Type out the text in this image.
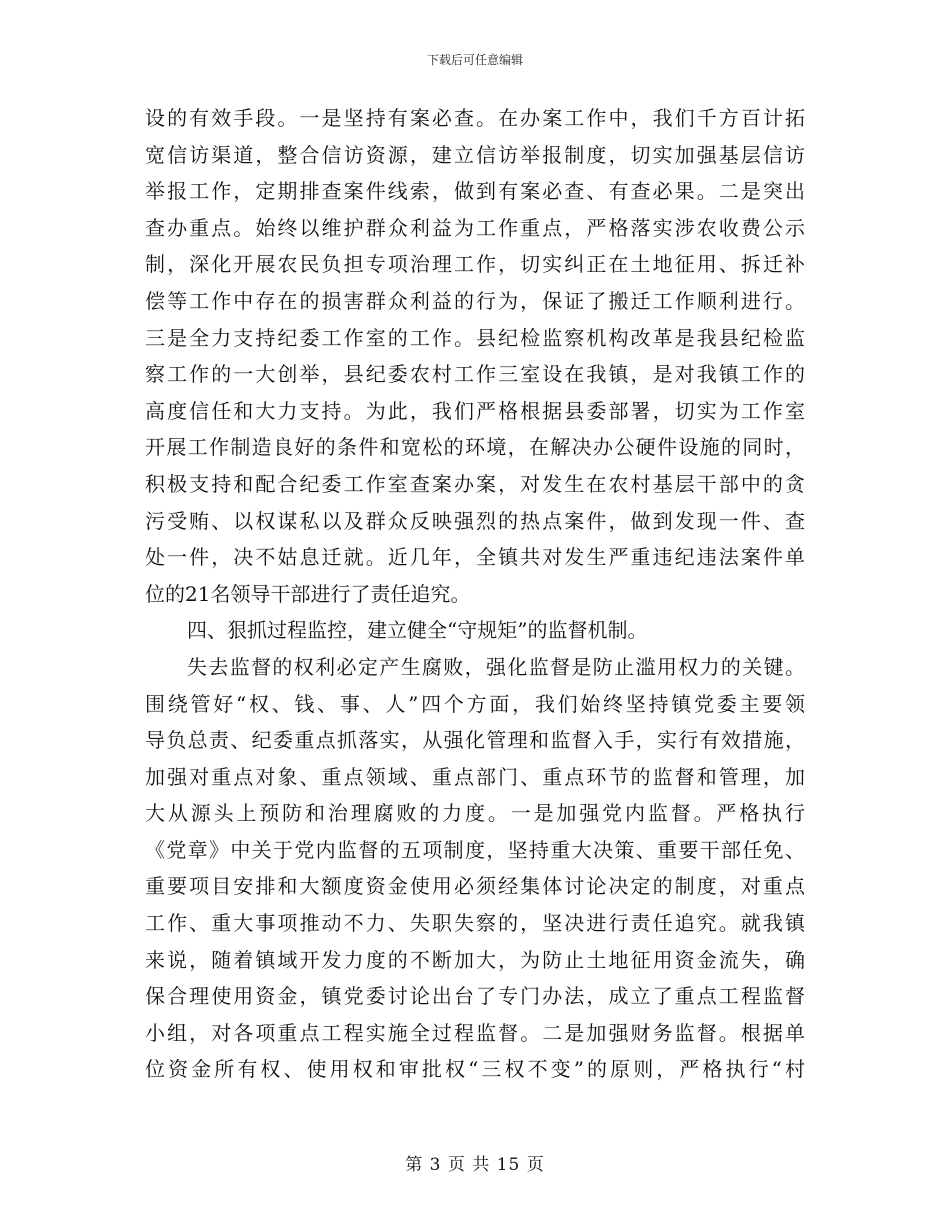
下载后可任意编辑
设的有效手段。一是坚持有案必查。在办案工作中，我们千方百计拓
宽信访渠道，整合信访资源，建立信访举报制度，切实加强基层信访
举报工作，定期排查案件线索，做到有案必查、有查必果。二是突出
查办重点。始终以维护群众利益为工作重点，严格落实涉农收费公示
制，深化开展农民负担专项治理工作，切实纠正在土地征用、拆迁补
偿等工作中存在的损害群众利益的行为，保证了搬迁工作顺利进行。
三是全力支持纪委工作室的工作。县纪检监察机构改革是我县纪检监
察工作的一大创举，县纪委农村工作三室设在我镇，是对我镇工作的
高度信任和大力支持。为此，我们严格根据县委部署，切实为工作室
开展工作制造良好的条件和宽松的环境，在解决办公硬件设施的同时，
积极支持和配合纪委工作室查案办案，对发生在农村基层干部中的贪
污受贿、以权谋私以及群众反映强烈的热点案件，做到发现一件、查
处一件，决不姑息迁就。近几年，全镇共对发生严重违纪违法案件单
位的21名领导干部进行了责任追究。
四、狠抓过程监控，建立健全“守规矩”的监督机制。
失去监督的权利必定产生腐败，强化监督是防止滥用权力的关键。
围绕管好“权、钱、事、人”四个方面，我们始终坚持镇党委主要领
导负总责、纪委重点抓落实，从强化管理和监督入手，实行有效措施，
加强对重点对象、重点领域、重点部门、重点环节的监督和管理，加
大从源头上预防和治理腐败的力度。一是加强党内监督。严格执行
《党章》中关于党内监督的五项制度，坚持重大决策、重要干部任免、
重要项目安排和大额度资金使用必须经集体讨论决定的制度，对重点
工作、重大事项推动不力、失职失察的，坚决进行责任追究。就我镇
来说，随着镇域开发力度的不断加大，为防止土地征用资金流失，确
保合理使用资金，镇党委讨论出台了专门办法，成立了重点工程监督
小组，对各项重点工程实施全过程监督。二是加强财务监督。根据单
位资金所有权、使用权和审批权“三权不变”的原则，严格执行“村
第 3 页 共 15 页
